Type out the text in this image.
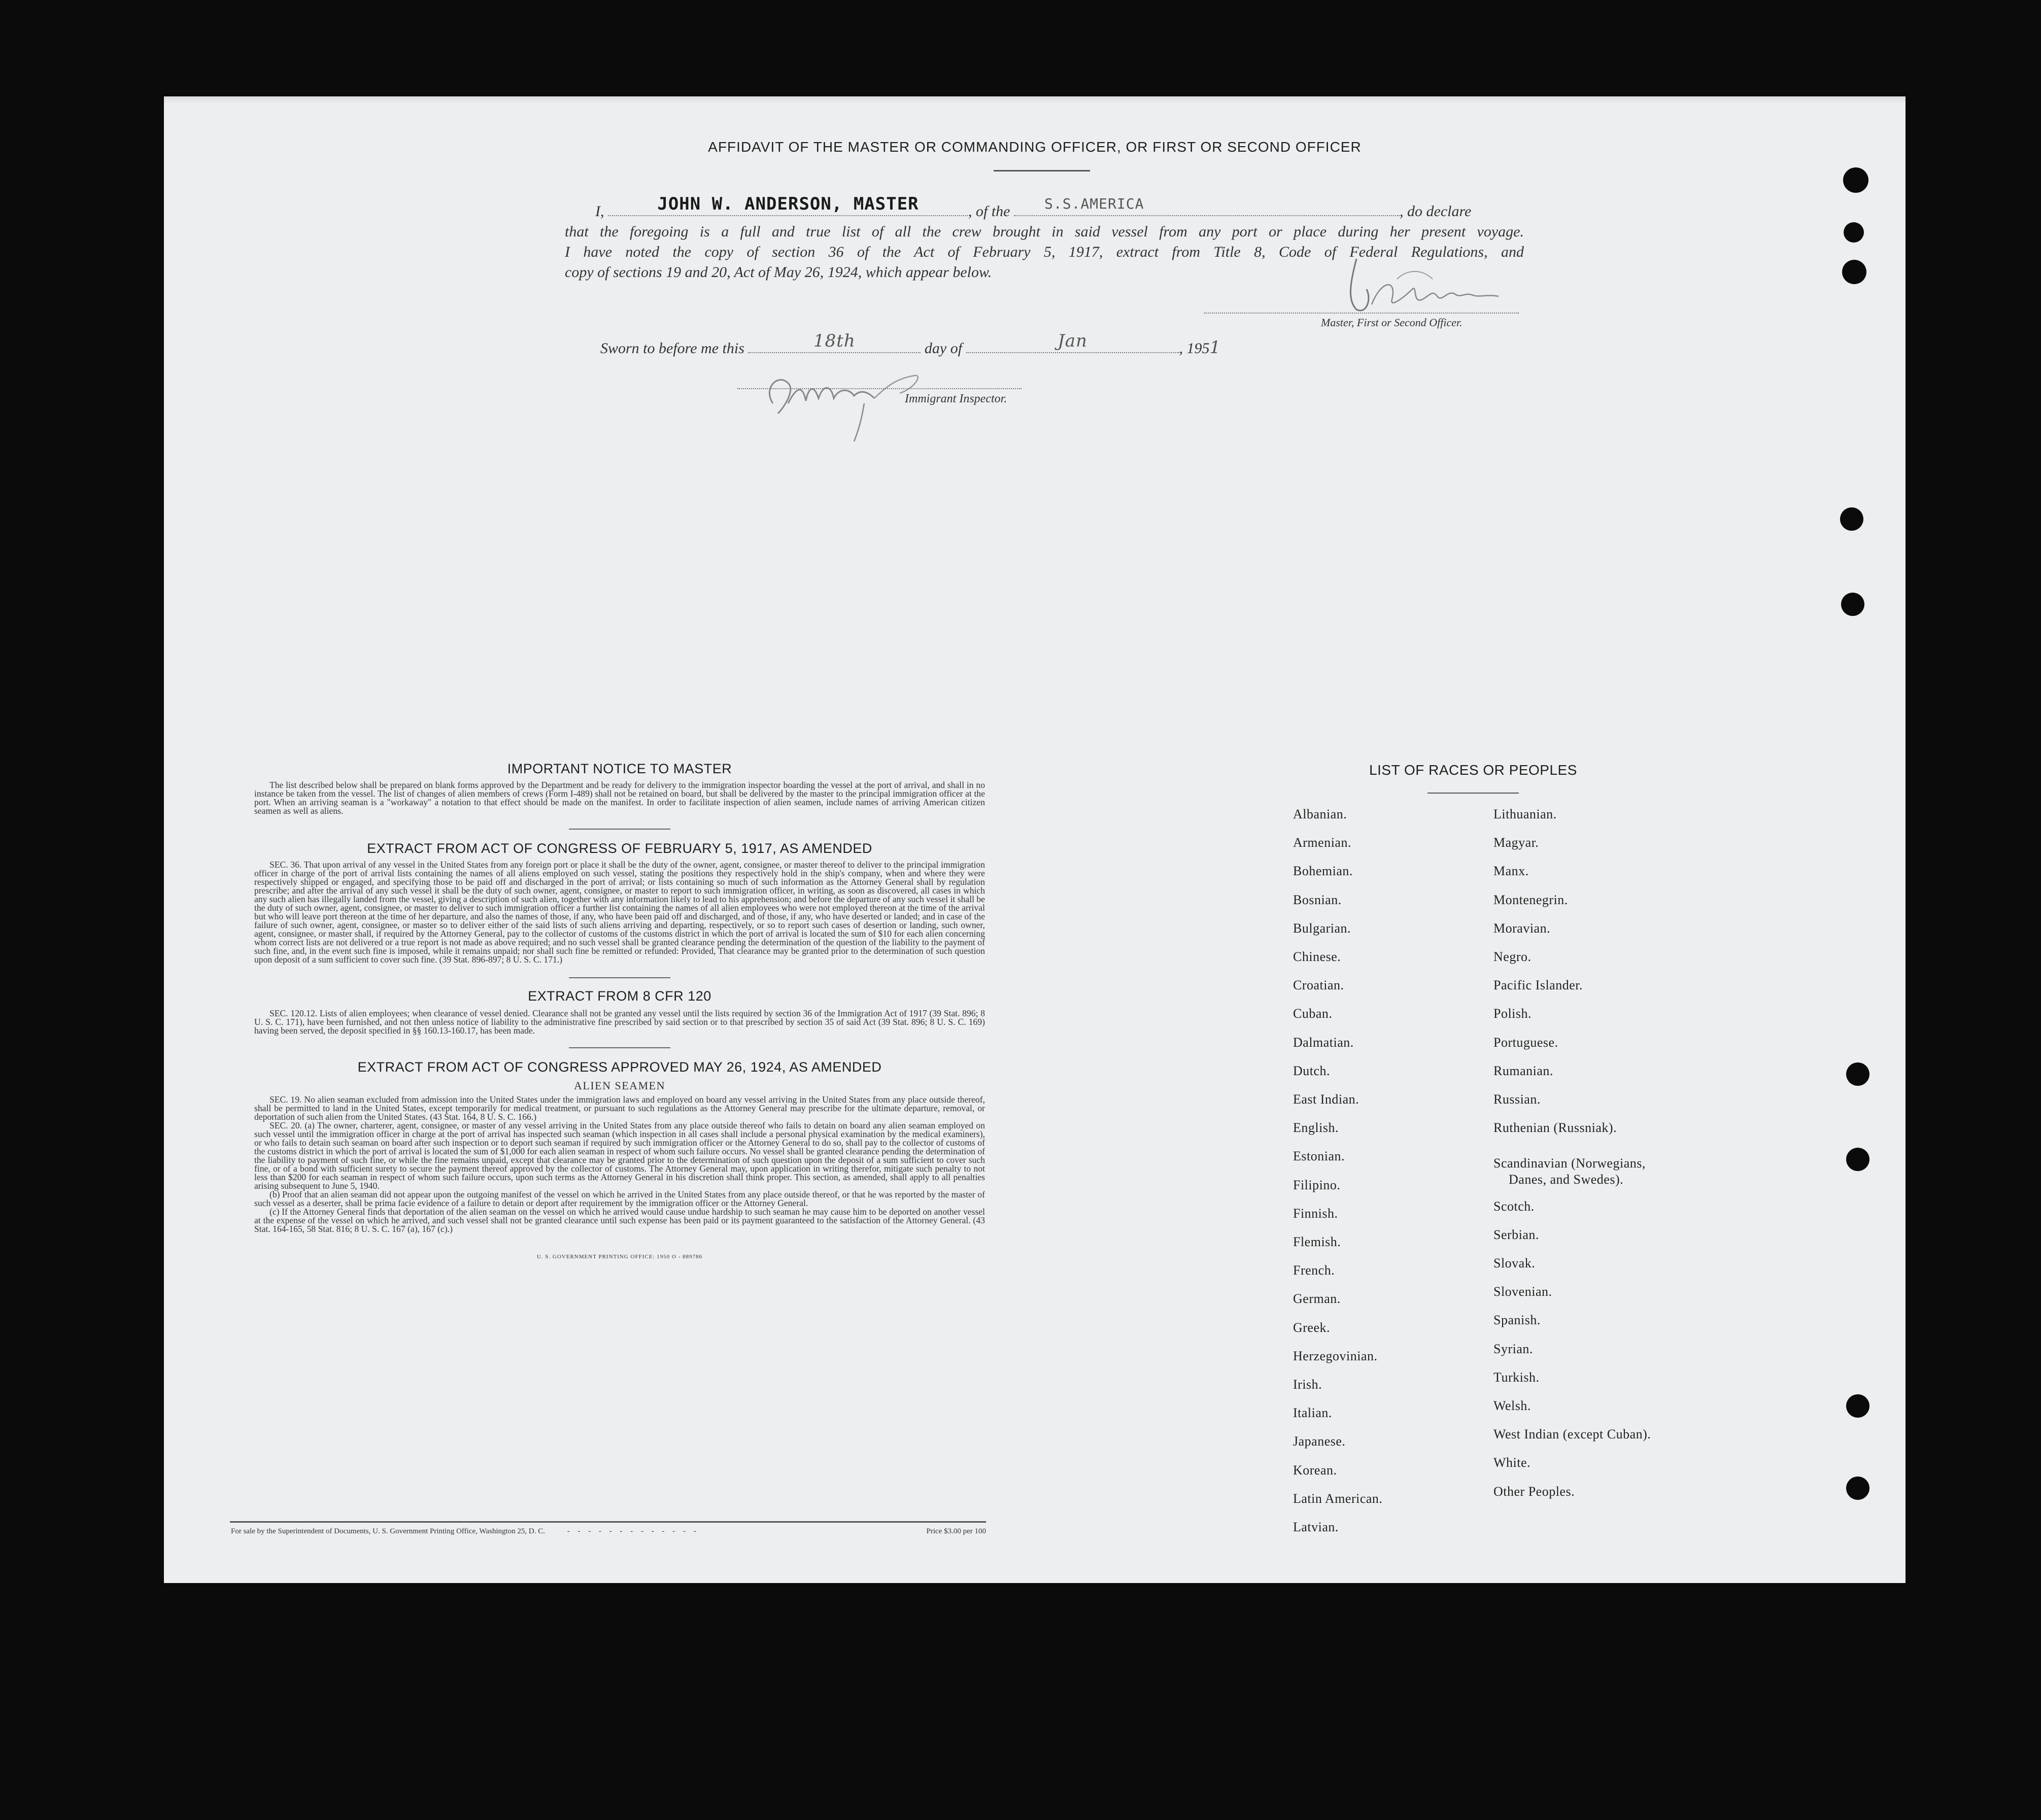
AFFIDAVIT OF THE MASTER OR COMMANDING OFFICER, OR FIRST OR SECOND OFFICER
I,	JOHN W. ANDERSON, MASTER	, of the S.S.AMERICA	, do declare
that the foregoing is a full and true list of all the crew brought in said vessel from any port or place during her present voyage.
I have noted the copy of section 36 of the Act of February 5, 1917, extract from Title 8, Code of Federal Regulations, and
copy of sections 19 and 20, Act of May 26, 1924, which appear below.
Master, First or Second Officer.
Sworn to before me this	18th	day of	Jan	, 1951
Immigrant Inspector.
IMPORTANT NOTICE TO MASTER

The list described below shall be prepared on blank forms approved by the Department and be ready for delivery to the immigration inspector boarding the vessel at the port of arrival, and shall in no instance be taken from the vessel. The list of changes of alien members of crews (Form I-489) shall not be retained on board, but shall be delivered by the master to the principal immigration officer at the port. When an arriving seaman is a "workaway" a notation to that effect should be made on the manifest. In order to facilitate inspection of alien seamen, include names of arriving American citizen seamen as well as aliens.

EXTRACT FROM ACT OF CONGRESS OF FEBRUARY 5, 1917, AS AMENDED

SEC. 36. That upon arrival of any vessel in the United States from any foreign port or place it shall be the duty of the owner, agent, consignee, or master thereof to deliver to the principal immigration officer in charge of the port of arrival lists containing the names of all aliens employed on such vessel, stating the positions they respectively hold in the ship's company, when and where they were respectively shipped or engaged, and specifying those to be paid off and discharged in the port of arrival; or lists containing so much of such information as the Attorney General shall by regulation prescribe; and after the arrival of any such vessel it shall be the duty of such owner, agent, consignee, or master to report to such immigration officer, in writing, as soon as discovered, all cases in which any such alien has illegally landed from the vessel, giving a description of such alien, together with any information likely to lead to his apprehension; and before the departure of any such vessel it shall be the duty of such owner, agent, consignee, or master to deliver to such immigration officer a further list containing the names of all alien employees who were not employed thereon at the time of the arrival but who will leave port thereon at the time of her departure, and also the names of those, if any, who have been paid off and discharged, and of those, if any, who have deserted or landed; and in case of the failure of such owner, agent, consignee, or master so to deliver either of the said lists of such aliens arriving and departing, respectively, or so to report such cases of desertion or landing, such owner, agent, consignee, or master shall, if required by the Attorney General, pay to the collector of customs of the customs district in which the port of arrival is located the sum of $10 for each alien concerning whom correct lists are not delivered or a true report is not made as above required; and no such vessel shall be granted clearance pending the determination of the question of the liability to the payment of such fine, and, in the event such fine is imposed, while it remains unpaid; nor shall such fine be remitted or refunded: Provided, That clearance may be granted prior to the determination of such question upon deposit of a sum sufficient to cover such fine. (39 Stat. 896-897; 8 U. S. C. 171.)

EXTRACT FROM 8 CFR 120

SEC. 120.12. Lists of alien employees; when clearance of vessel denied. Clearance shall not be granted any vessel until the lists required by section 36 of the Immigration Act of 1917 (39 Stat. 896; 8 U. S. C. 171), have been furnished, and not then unless notice of liability to the administrative fine prescribed by said section or to that prescribed by section 35 of said Act (39 Stat. 896; 8 U. S. C. 169) having been served, the deposit specified in §§ 160.13-160.17, has been made.

EXTRACT FROM ACT OF CONGRESS APPROVED MAY 26, 1924, AS AMENDED
ALIEN SEAMEN

SEC. 19. No alien seaman excluded from admission into the United States under the immigration laws and employed on board any vessel arriving in the United States from any place outside thereof, shall be permitted to land in the United States, except temporarily for medical treatment, or pursuant to such regulations as the Attorney General may prescribe for the ultimate departure, removal, or deportation of such alien from the United States. (43 Stat. 164, 8 U. S. C. 166.)

SEC. 20. (a) The owner, charterer, agent, consignee, or master of any vessel arriving in the United States from any place outside thereof who fails to detain on board any alien seaman employed on such vessel until the immigration officer in charge at the port of arrival has inspected such seaman (which inspection in all cases shall include a personal physical examination by the medical examiners), or who fails to detain such seaman on board after such inspection or to deport such seaman if required by such immigration officer or the Attorney General to do so, shall pay to the collector of customs of the customs district in which the port of arrival is located the sum of $1,000 for each alien seaman in respect of whom such failure occurs. No vessel shall be granted clearance pending the determination of the liability to payment of such fine, or while the fine remains unpaid, except that clearance may be granted prior to the determination of such question upon the deposit of a sum sufficient to cover such fine, or of a bond with sufficient surety to secure the payment thereof approved by the collector of customs. The Attorney General may, upon application in writing therefor, mitigate such penalty to not less than $200 for each seaman in respect of whom such failure occurs, upon such terms as the Attorney General in his discretion shall think proper. This section, as amended, shall apply to all penalties arising subsequent to June 5, 1940.

(b) Proof that an alien seaman did not appear upon the outgoing manifest of the vessel on which he arrived in the United States from any place outside thereof, or that he was reported by the master of such vessel as a deserter, shall be prima facie evidence of a failure to detain or deport after requirement by the immigration officer or the Attorney General.

(c) If the Attorney General finds that deportation of the alien seaman on the vessel on which he arrived would cause undue hardship to such seaman he may cause him to be deported on another vessel at the expense of the vessel on which he arrived, and such vessel shall not be granted clearance until such expense has been paid or its payment guaranteed to the satisfaction of the Attorney General. (43 Stat. 164-165, 58 Stat. 816; 8 U. S. C. 167 (a), 167 (c).)

U. S. GOVERNMENT PRINTING OFFICE: 1950 O - 889786
For sale by the Superintendent of Documents, U. S. Government Printing Office, Washington 25, D. C.	- - - - - - - - - - - - -	Price $3.00 per 100
LIST OF RACES OR PEOPLES
Albanian.
Armenian.
Bohemian.
Bosnian.
Bulgarian.
Chinese.
Croatian.
Cuban.
Dalmatian.
Dutch.
East Indian.
English.
Estonian.
Filipino.
Finnish.
Flemish.
French.
German.
Greek.
Herzegovinian.
Irish.
Italian.
Japanese.
Korean.
Latin American.
Latvian.
Lithuanian.
Magyar.
Manx.
Montenegrin.
Moravian.
Negro.
Pacific Islander.
Polish.
Portuguese.
Rumanian.
Russian.
Ruthenian (Russniak).
Scandinavian (Norwegians,
Danes, and Swedes).
Scotch.
Serbian.
Slovak.
Slovenian.
Spanish.
Syrian.
Turkish.
Welsh.
West Indian (except Cuban).
White.
Other Peoples.
